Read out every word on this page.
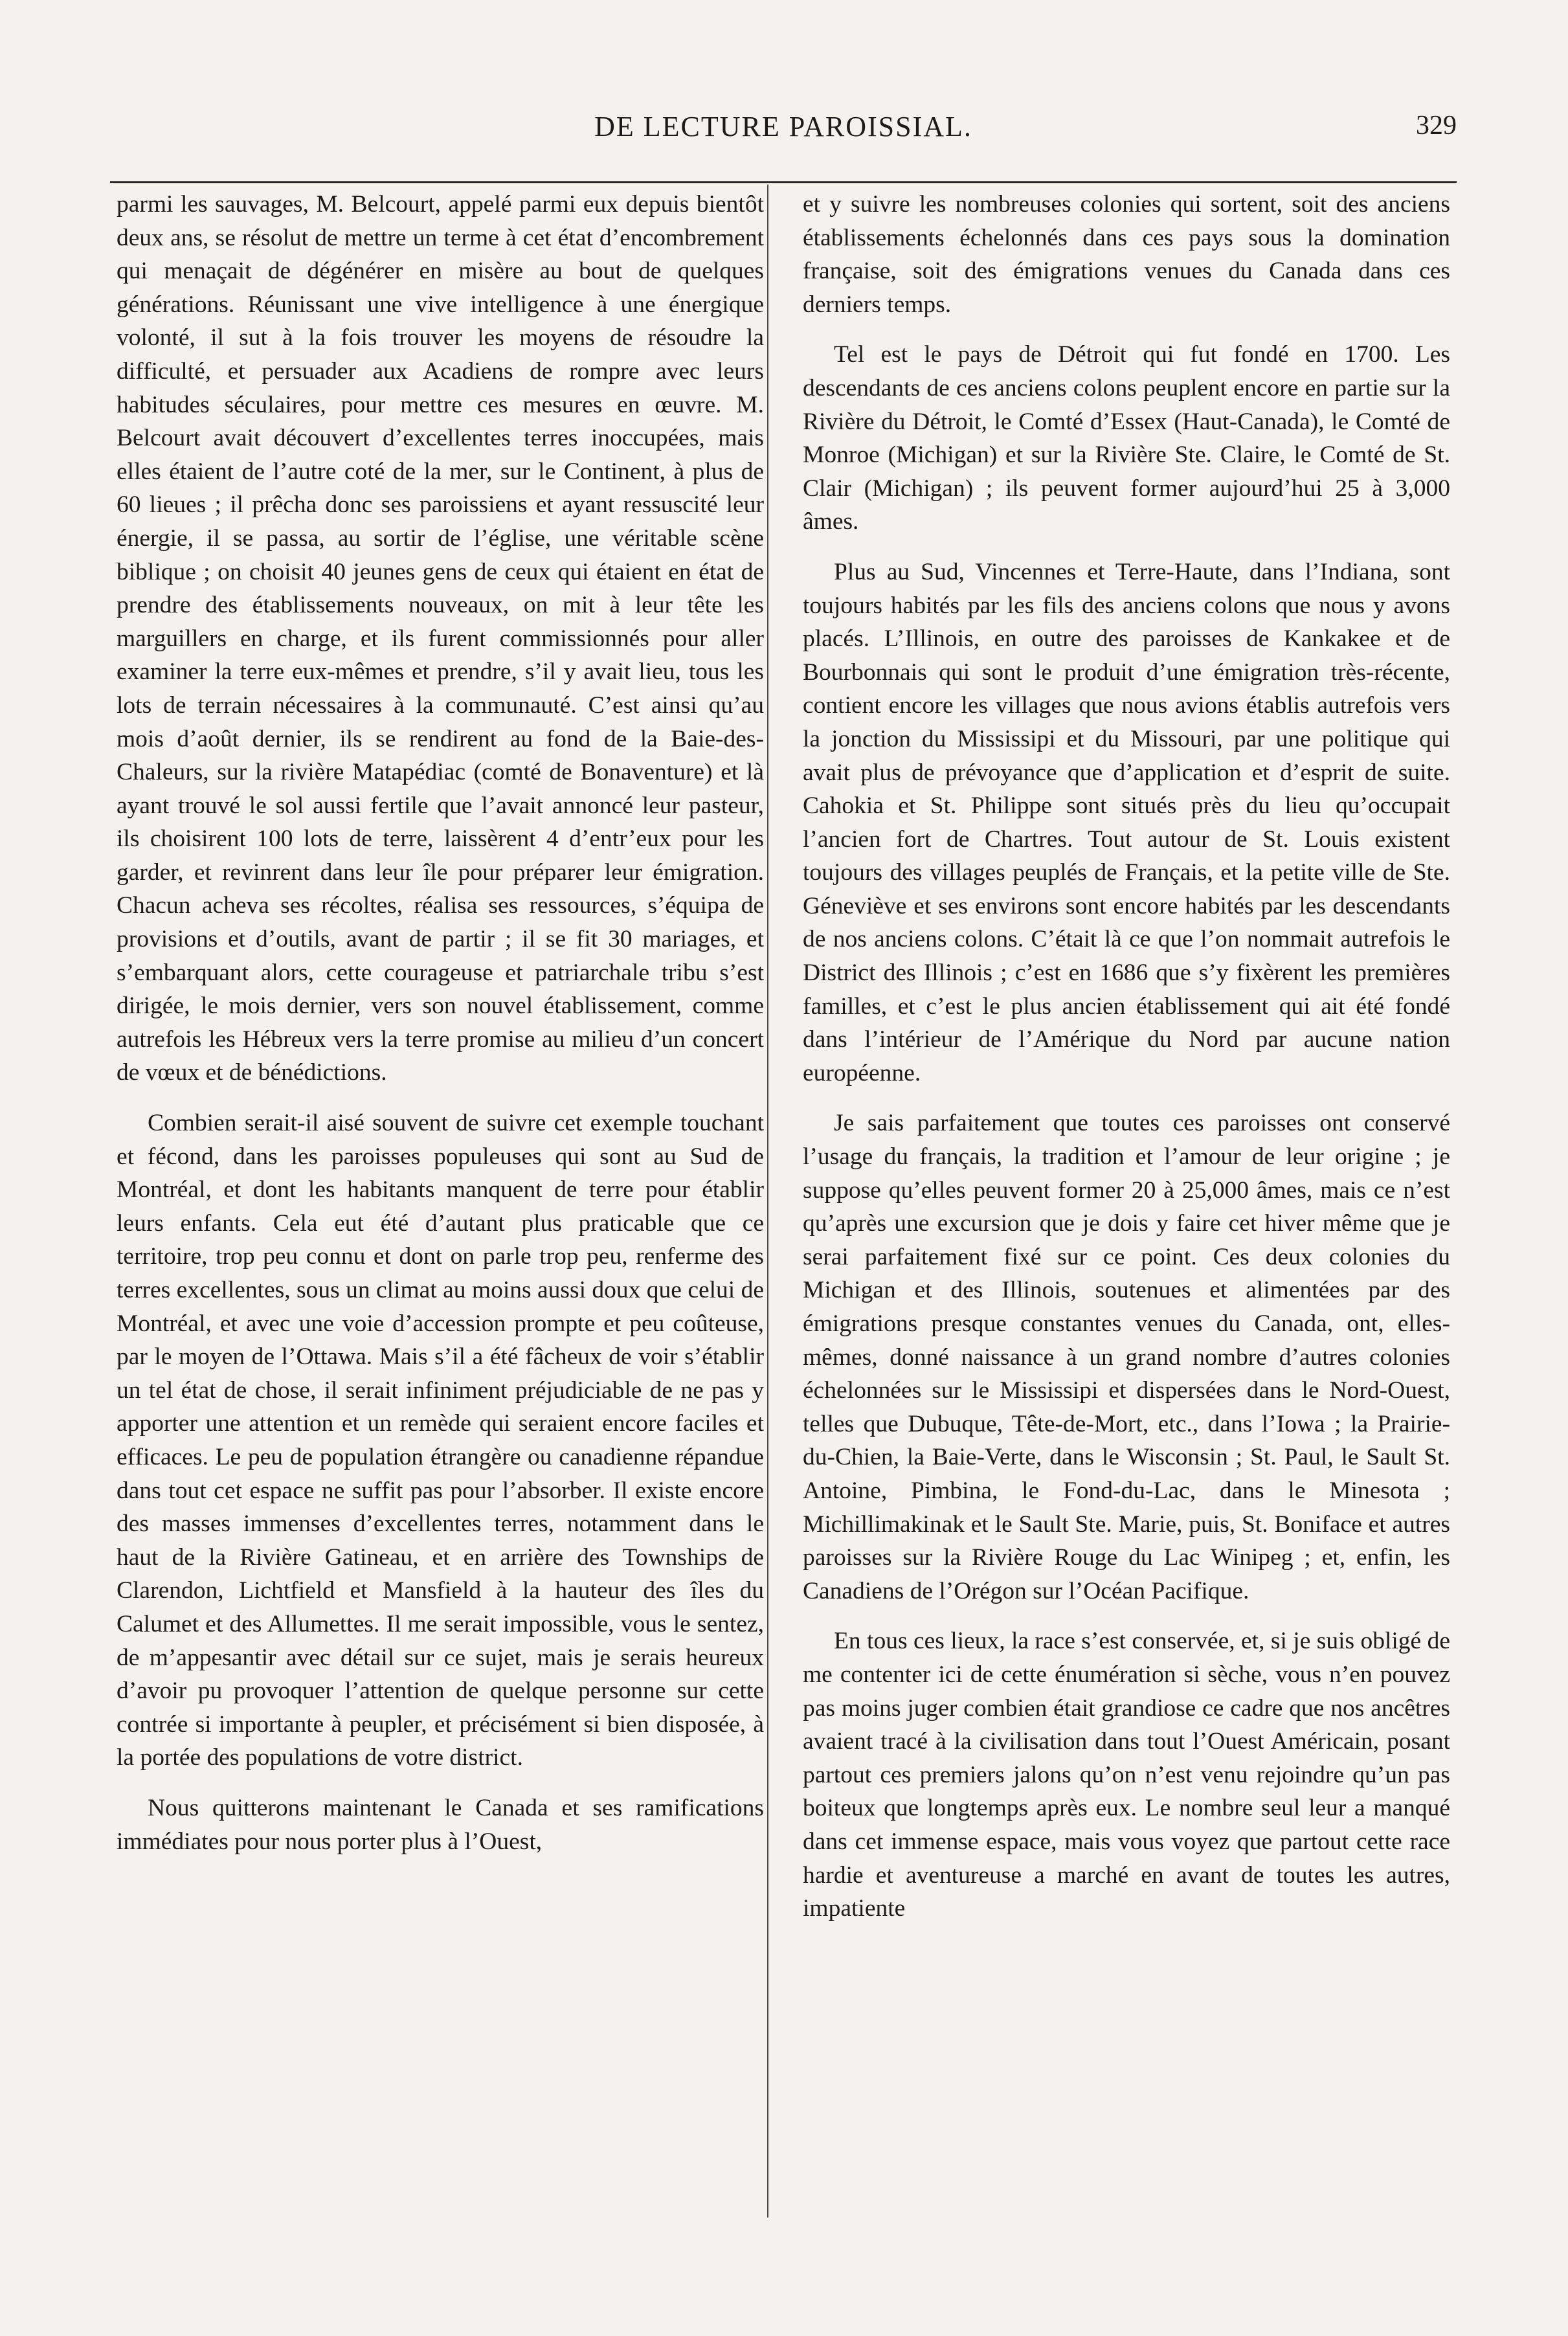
DE LECTURE PAROISSIAL.	329

parmi les sauvages, M. Belcourt, appelé parmi eux depuis bientôt deux ans, se résolut de mettre un terme à cet état d’encombrement qui menaçait de dégénérer en misère au bout de quelques générations. Réunissant une vive intelligence à une énergique volonté, il sut à la fois trouver les moyens de résoudre la difficulté, et persuader aux Acadiens de rompre avec leurs habitudes séculaires, pour mettre ces mesures en œuvre. M. Belcourt avait découvert d’excellentes terres inoccupées, mais elles étaient de l’autre coté de la mer, sur le Continent, à plus de 60 lieues ; il prêcha donc ses paroissiens et ayant ressuscité leur énergie, il se passa, au sortir de l’église, une véritable scène biblique ; on choisit 40 jeunes gens de ceux qui étaient en état de prendre des établissements nouveaux, on mit à leur tête les marguillers en charge, et ils furent commissionnés pour aller examiner la terre eux-mêmes et prendre, s’il y avait lieu, tous les lots de terrain nécessaires à la communauté. C’est ainsi qu’au mois d’août dernier, ils se rendirent au fond de la Baie-des-Chaleurs, sur la rivière Matapédiac (comté de Bonaventure) et là ayant trouvé le sol aussi fertile que l’avait annoncé leur pasteur, ils choisirent 100 lots de terre, laissèrent 4 d’entr’eux pour les garder, et revinrent dans leur île pour préparer leur émigration. Chacun acheva ses récoltes, réalisa ses ressources, s’équipa de provisions et d’outils, avant de partir ; il se fit 30 mariages, et s’embarquant alors, cette courageuse et patriarchale tribu s’est dirigée, le mois dernier, vers son nouvel établissement, comme autrefois les Hébreux vers la terre promise au milieu d’un concert de vœux et de bénédictions.

Combien serait-il aisé souvent de suivre cet exemple touchant et fécond, dans les paroisses populeuses qui sont au Sud de Montréal, et dont les habitants manquent de terre pour établir leurs enfants. Cela eut été d’autant plus praticable que ce territoire, trop peu connu et dont on parle trop peu, renferme des terres excellentes, sous un climat au moins aussi doux que celui de Montréal, et avec une voie d’accession prompte et peu coûteuse, par le moyen de l’Ottawa. Mais s’il a été fâcheux de voir s’établir un tel état de chose, il serait infiniment préjudiciable de ne pas y apporter une attention et un remède qui seraient encore faciles et efficaces. Le peu de population étrangère ou canadienne répandue dans tout cet espace ne suffit pas pour l’absorber. Il existe encore des masses immenses d’excellentes terres, notamment dans le haut de la Rivière Gatineau, et en arrière des Townships de Clarendon, Lichtfield et Mansfield à la hauteur des îles du Calumet et des Allumettes. Il me serait impossible, vous le sentez, de m’appesantir avec détail sur ce sujet, mais je serais heureux d’avoir pu provoquer l’attention de quelque personne sur cette contrée si importante à peupler, et précisément si bien disposée, à la portée des populations de votre district.

Nous quitterons maintenant le Canada et ses ramifications immédiates pour nous porter plus à l’Ouest,

et y suivre les nombreuses colonies qui sortent, soit des anciens établissements échelonnés dans ces pays sous la domination française, soit des émigrations venues du Canada dans ces derniers temps.

Tel est le pays de Détroit qui fut fondé en 1700. Les descendants de ces anciens colons peuplent encore en partie sur la Rivière du Détroit, le Comté d’Essex (Haut-Canada), le Comté de Monroe (Michigan) et sur la Rivière Ste. Claire, le Comté de St. Clair (Michigan) ; ils peuvent former aujourd’hui 25 à 3,000 âmes.

Plus au Sud, Vincennes et Terre-Haute, dans l’Indiana, sont toujours habités par les fils des anciens colons que nous y avons placés. L’Illinois, en outre des paroisses de Kankakee et de Bourbonnais qui sont le produit d’une émigration très-récente, contient encore les villages que nous avions établis autrefois vers la jonction du Mississipi et du Missouri, par une politique qui avait plus de prévoyance que d’application et d’esprit de suite. Cahokia et St. Philippe sont situés près du lieu qu’occupait l’ancien fort de Chartres. Tout autour de St. Louis existent toujours des villages peuplés de Français, et la petite ville de Ste. Géneviève et ses environs sont encore habités par les descendants de nos anciens colons. C’était là ce que l’on nommait autrefois le District des Illinois ; c’est en 1686 que s’y fixèrent les premières familles, et c’est le plus ancien établissement qui ait été fondé dans l’intérieur de l’Amérique du Nord par aucune nation européenne.

Je sais parfaitement que toutes ces paroisses ont conservé l’usage du français, la tradition et l’amour de leur origine ; je suppose qu’elles peuvent former 20 à 25,000 âmes, mais ce n’est qu’après une excursion que je dois y faire cet hiver même que je serai parfaitement fixé sur ce point. Ces deux colonies du Michigan et des Illinois, soutenues et alimentées par des émigrations presque constantes venues du Canada, ont, elles-mêmes, donné naissance à un grand nombre d’autres colonies échelonnées sur le Mississipi et dispersées dans le Nord-Ouest, telles que Dubuque, Tête-de-Mort, etc., dans l’Iowa ; la Prairie-du-Chien, la Baie-Verte, dans le Wisconsin ; St. Paul, le Sault St. Antoine, Pimbina, le Fond-du-Lac, dans le Minesota ; Michillimakinak et le Sault Ste. Marie, puis, St. Boniface et autres paroisses sur la Rivière Rouge du Lac Winipeg ; et, enfin, les Canadiens de l’Orégon sur l’Océan Pacifique.

En tous ces lieux, la race s’est conservée, et, si je suis obligé de me contenter ici de cette énumération si sèche, vous n’en pouvez pas moins juger combien était grandiose ce cadre que nos ancêtres avaient tracé à la civilisation dans tout l’Ouest Américain, posant partout ces premiers jalons qu’on n’est venu rejoindre qu’un pas boiteux que longtemps après eux. Le nombre seul leur a manqué dans cet immense espace, mais vous voyez que partout cette race hardie et aventureuse a marché en avant de toutes les autres, impatiente
